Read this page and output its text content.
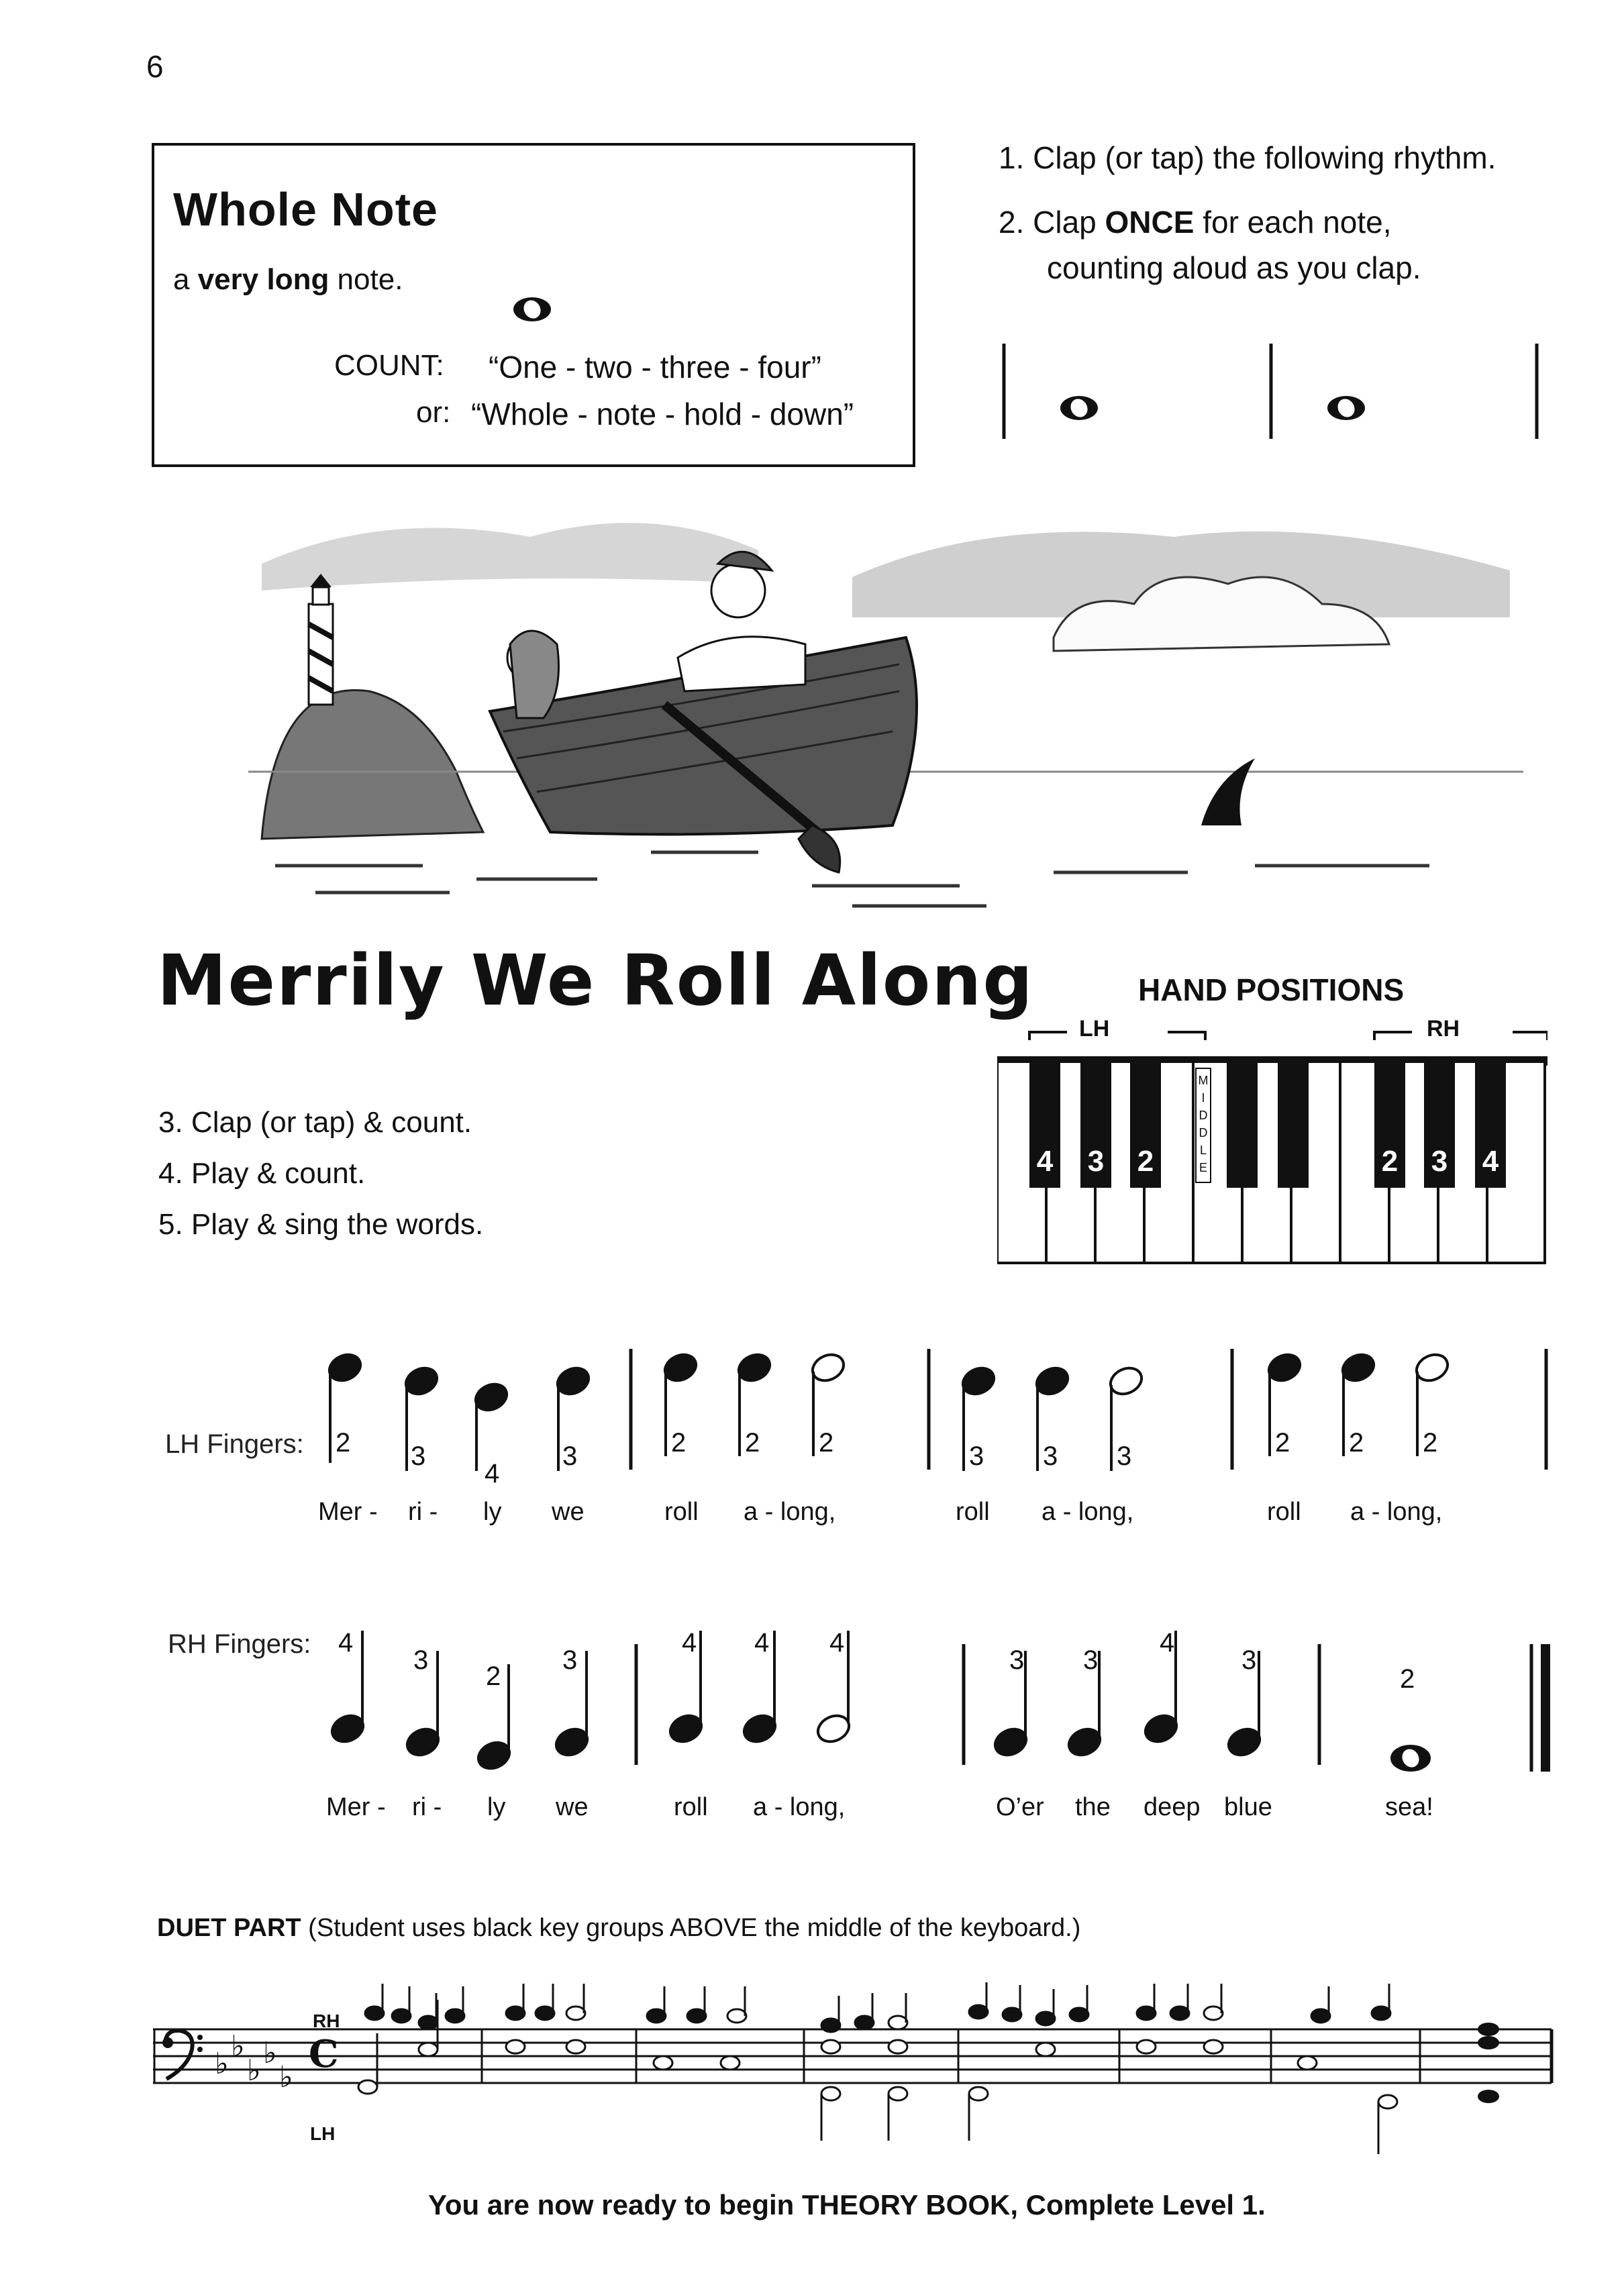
6
Whole Note
a very long note.
COUNT: “One - two - three - four”
or: “Whole - note - hold - down”
1. Clap (or tap) the following rhythm.
2. Clap ONCE for each note,
counting aloud as you clap.
Merrily We Roll Along	HAND POSITIONS
3. Clap (or tap) & count.
4. Play & count.
5. Play & sing the words.
LH	RH
M
I
D
D
L
E
4 3 2	2 3 4
LH Fingers: 2 3
4
3	2 2 2	3 3 3	2 2 2
Mer - ri - ly we	roll a - long,	roll a - long,	roll a - long,
RH Fingers: 4
3
2
3
4 4 4
3 3
4
3
2
Mer - ri - ly we	roll a - long,	O’er the deep blue	sea!
DUET PART (Student uses black key groups ABOVE the middle of the keyboard.)
RH
LH
♭
♭
♭
♭
♭
C
You are now ready to begin THEORY BOOK, Complete Level 1.
